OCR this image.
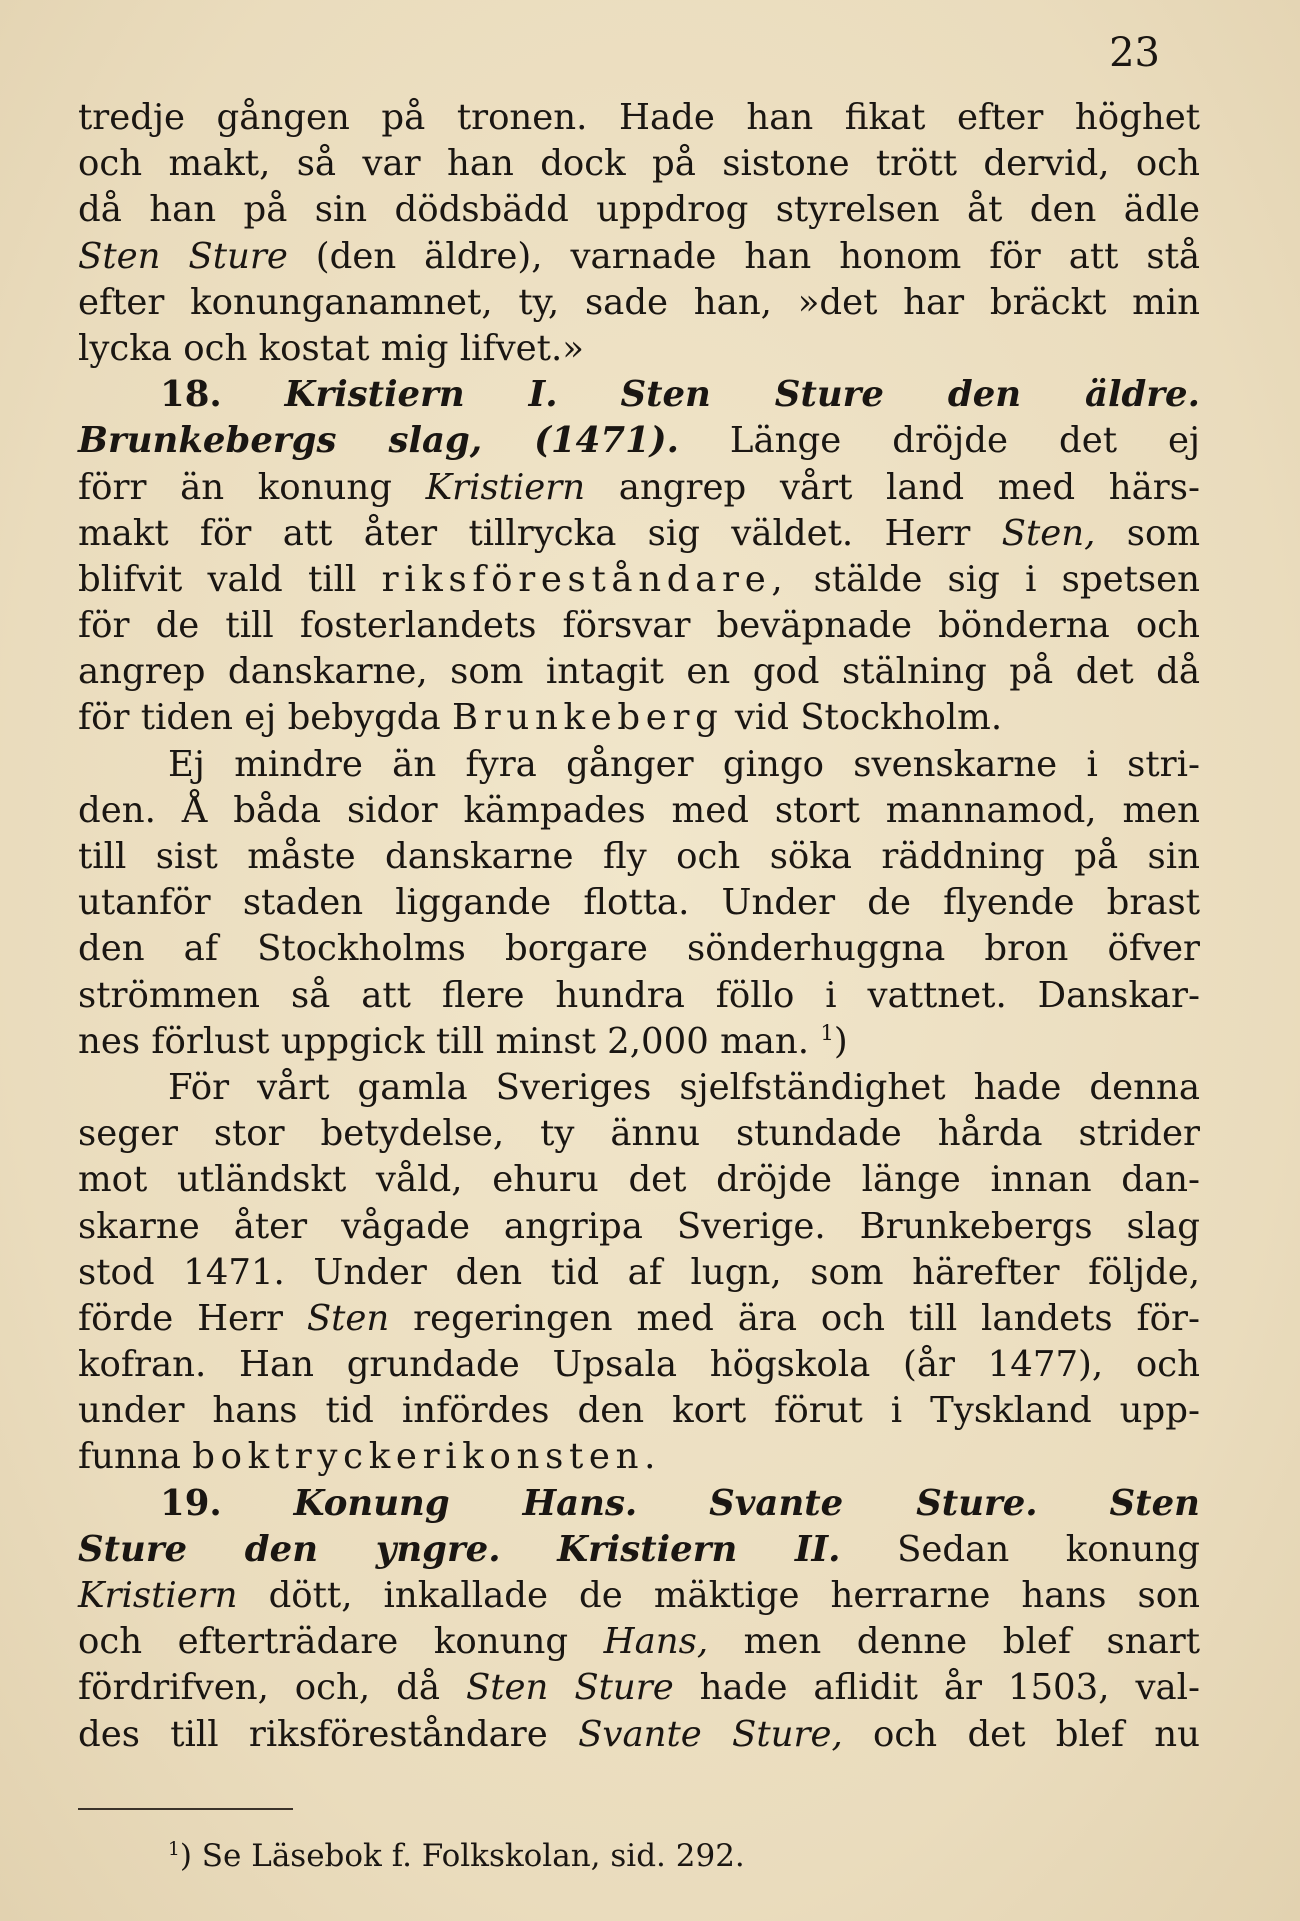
23
tredje gången på tronen. Hade han fikat efter höghet
och makt, så var han dock på sistone trött dervid, och
då han på sin dödsbädd uppdrog styrelsen åt den ädle
Sten Sture (den äldre), varnade han honom för att stå
efter konunganamnet, ty, sade han, »det har bräckt min
lycka och kostat mig lifvet.»
18. Kristiern I. Sten Sture den äldre.
Brunkebergs slag, (1471). Länge dröjde det ej
förr än konung Kristiern angrep vårt land med härs-
makt för att åter tillrycka sig väldet. Herr Sten, som
blifvit vald till riksföreståndare, stälde sig i spetsen
för de till fosterlandets försvar beväpnade bönderna och
angrep danskarne, som intagit en god stälning på det då
för tiden ej bebygda Brunkeberg vid Stockholm.
Ej mindre än fyra gånger gingo svenskarne i stri-
den. Å båda sidor kämpades med stort mannamod, men
till sist måste danskarne fly och söka räddning på sin
utanför staden liggande flotta. Under de flyende brast
den af Stockholms borgare sönderhuggna bron öfver
strömmen så att flere hundra föllo i vattnet. Danskar-
nes förlust uppgick till minst 2,000 man. $^1$)
För vårt gamla Sveriges sjelfständighet hade denna
seger stor betydelse, ty ännu stundade hårda strider
mot utländskt våld, ehuru det dröjde länge innan dan-
skarne åter vågade angripa Sverige. Brunkebergs slag
stod 1471. Under den tid af lugn, som härefter följde,
förde Herr Sten regeringen med ära och till landets för-
kofran. Han grundade Upsala högskola (år 1477), och
under hans tid infördes den kort förut i Tyskland upp-
funna boktryckerikonsten.
19. Konung Hans. Svante Sture. Sten
Sture den yngre. Kristiern II. Sedan konung
Kristiern dött, inkallade de mäktige herrarne hans son
och efterträdare konung Hans, men denne blef snart
fördrifven, och, då Sten Sture hade aflidit år 1503, val-
des till riksföreståndare Svante Sture, och det blef nu
$^1$) Se Läsebok f. Folkskolan, sid. 292.
